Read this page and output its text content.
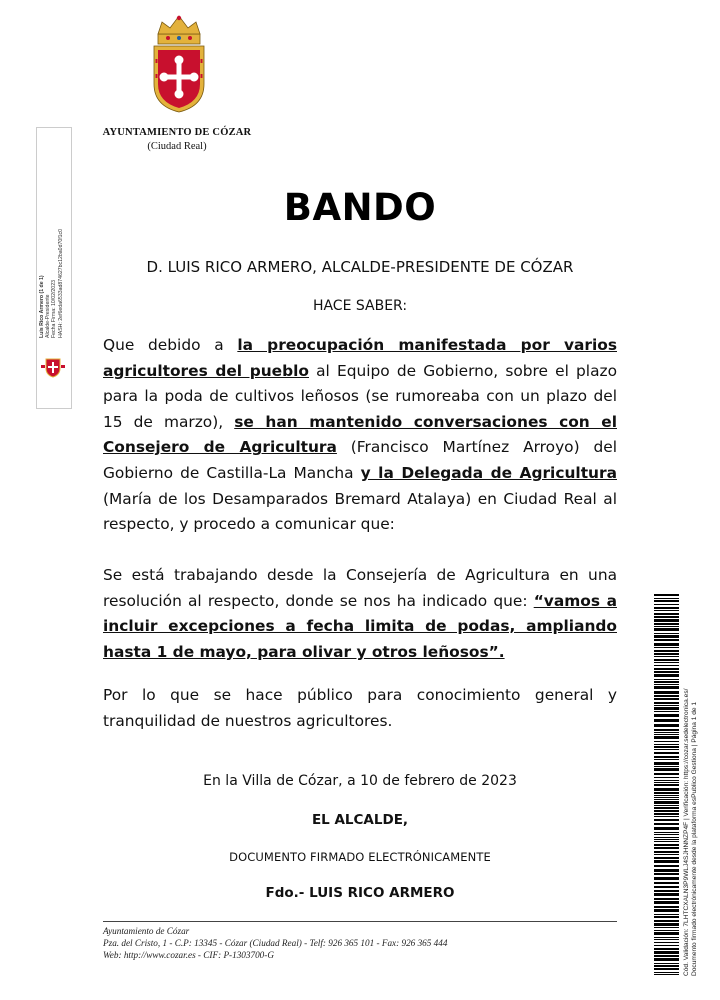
AYUNTAMIENTO DE CÓZAR
(Ciudad Real)
Luis Rico Armero (1 de 1) Alcalde-Presidente Fecha Firma: 10/02/2023 HASH: 2ef6eda6533ad874627bc12ba0d70f1c0
BANDO
D. LUIS RICO ARMERO, ALCALDE-PRESIDENTE DE CÓZAR
HACE SABER:
Que debido a la preocupación manifestada por varios agricultores del pueblo al Equipo de Gobierno, sobre el plazo para la poda de cultivos leñosos (se rumoreaba con un plazo del 15 de marzo), se han mantenido conversaciones con el Consejero de Agricultura (Francisco Martínez Arroyo) del Gobierno de Castilla-La Mancha y la Delegada de Agricultura (María de los Desamparados Bremard Atalaya) en Ciudad Real al respecto, y procedo a comunicar que:
Se está trabajando desde la Consejería de Agricultura en una resolución al respecto, donde se nos ha indicado que: “vamos a incluir excepciones a fecha limita de podas, ampliando hasta 1 de mayo, para olivar y otros leñosos”.
Por lo que se hace público para conocimiento general y tranquilidad de nuestros agricultores.
En la Villa de Cózar, a 10 de febrero de 2023
EL ALCALDE,
DOCUMENTO FIRMADO ELECTRÓNICAMENTE
Fdo.- LUIS RICO ARMERO
Ayuntamiento de Cózar
Pza. del Cristo, 1 - C.P: 13345 - Cózar (Ciudad Real) - Telf: 926 365 101 - Fax: 926 365 444
Web: http://www.cozar.es - CIF: P-1303700-G	Cód. Validación: 7LHTCXALN3P9WLJ4SJHNNZP4F | Verificación: https://cozar.sedelectronica.es/ Documento firmado electrónicamente desde la plataforma esPublico Gestiona | Página 1 de 1
